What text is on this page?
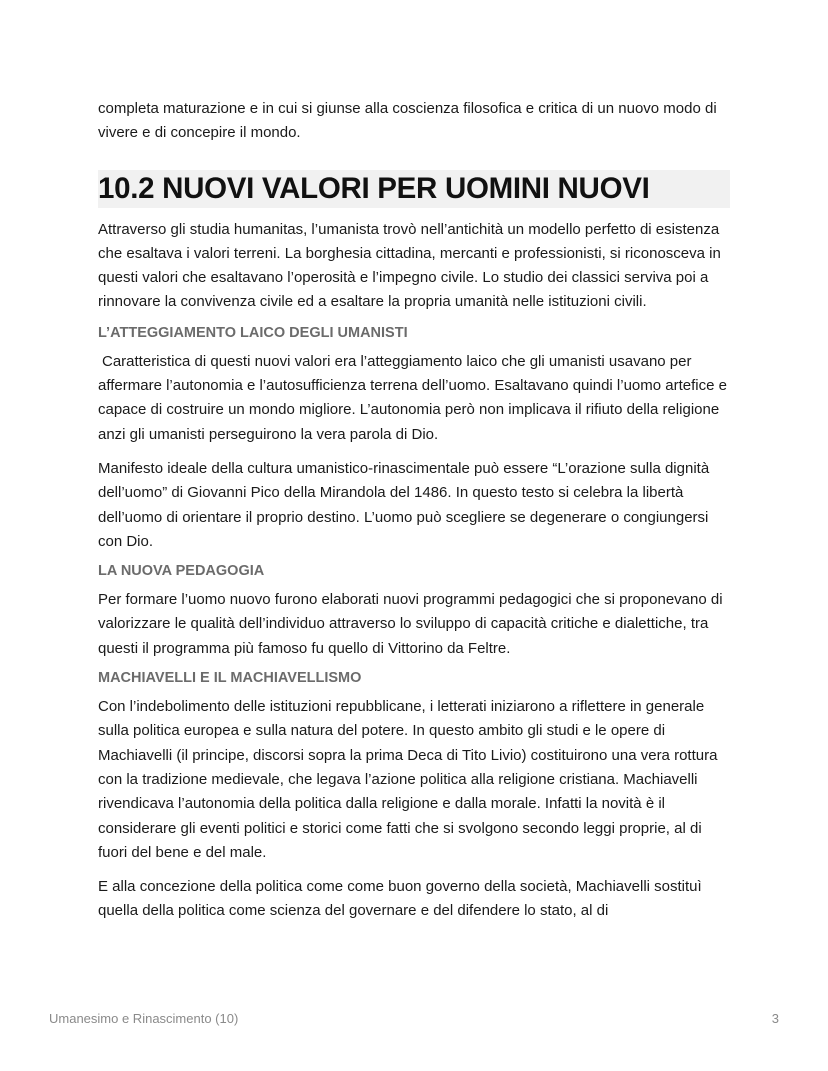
completa maturazione e in cui si giunse alla coscienza filosofica e critica di un nuovo modo di vivere e di concepire il mondo.

10.2 NUOVI VALORI PER UOMINI NUOVI

Attraverso gli studia humanitas, l’umanista trovò nell’antichità un modello perfetto di esistenza che esaltava i valori terreni. La borghesia cittadina, mercanti e professionisti, si riconosceva in questi valori che esaltavano l’operosità e l’impegno civile. Lo studio dei classici serviva poi a rinnovare la convivenza civile ed a esaltare la propria umanità nelle istituzioni civili.

L’ATTEGGIAMENTO LAICO DEGLI UMANISTI

Caratteristica di questi nuovi valori era l’atteggiamento laico che gli umanisti usavano per affermare l’autonomia e l’autosufficienza terrena dell’uomo. Esaltavano quindi l’uomo artefice e capace di costruire un mondo migliore. L’autonomia però non implicava il rifiuto della religione anzi gli umanisti perseguirono la vera parola di Dio.

Manifesto ideale della cultura umanistico-rinascimentale può essere “L’orazione sulla dignità dell’uomo” di Giovanni Pico della Mirandola del 1486. In questo testo si celebra la libertà dell’uomo di orientare il proprio destino. L’uomo può scegliere se degenerare o congiungersi con Dio.

LA NUOVA PEDAGOGIA

Per formare l’uomo nuovo furono elaborati nuovi programmi pedagogici che si proponevano di valorizzare le qualità dell’individuo attraverso lo sviluppo di capacità critiche e dialettiche, tra questi il programma più famoso fu quello di Vittorino da Feltre.

MACHIAVELLI E IL MACHIAVELLISMO

Con l’indebolimento delle istituzioni repubblicane, i letterati iniziarono a riflettere in generale sulla politica europea e sulla natura del potere. In questo ambito gli studi e le opere di Machiavelli (il principe, discorsi sopra la prima Deca di Tito Livio) costituirono una vera rottura con la tradizione medievale, che legava l’azione politica alla religione cristiana. Machiavelli rivendicava l’autonomia della politica dalla religione e dalla morale. Infatti la novità è il considerare gli eventi politici e storici come fatti che si svolgono secondo leggi proprie, al di fuori del bene e del male.

E alla concezione della politica come come buon governo della società, Machiavelli sostituì quella della politica come scienza del governare e del difendere lo stato, al di

Umanesimo e Rinascimento (10)	3
